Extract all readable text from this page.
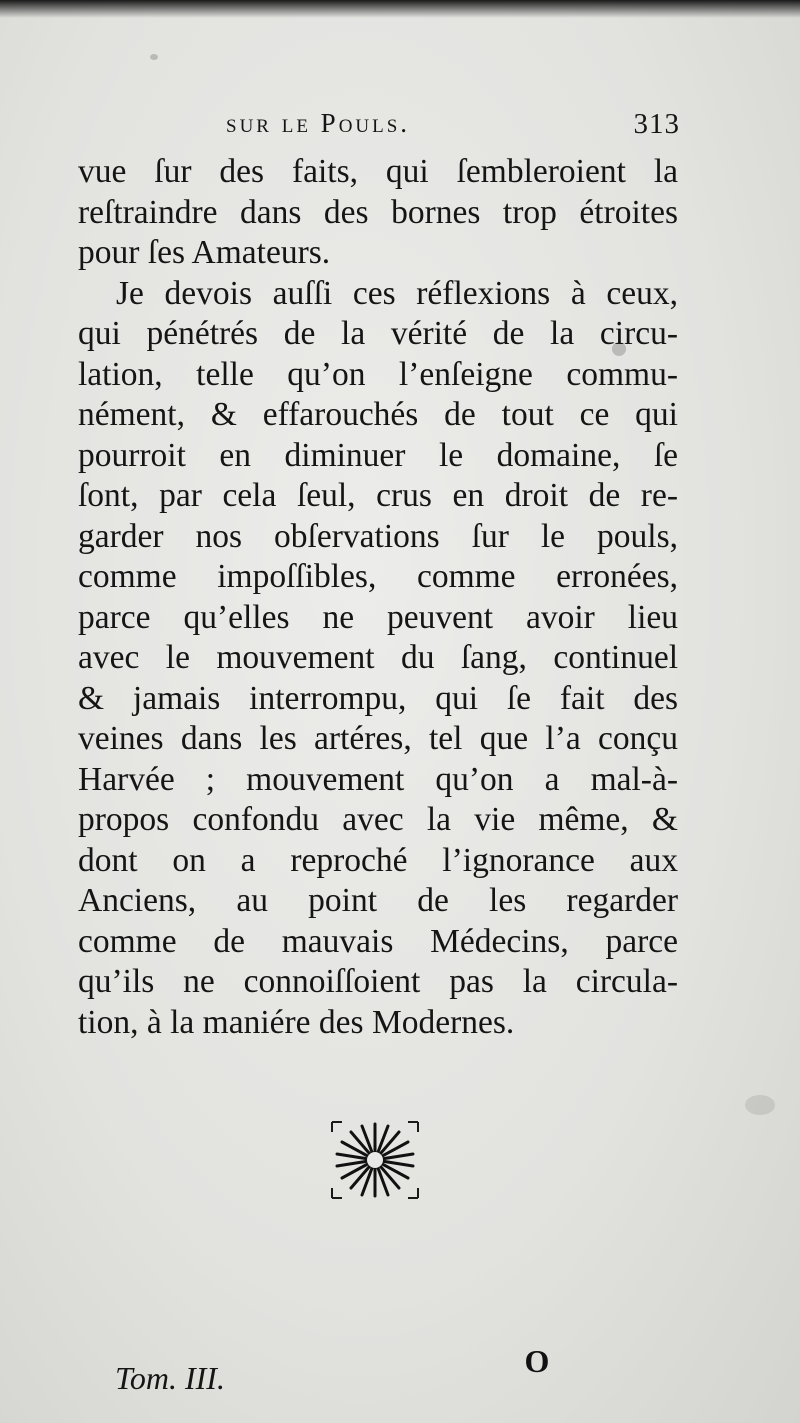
sur le Pouls.	313
vue ſur des faits, qui ſembleroient la
reſtraindre dans des bornes trop étroites
pour ſes Amateurs.
Je devois auſſi ces réflexions à ceux,
qui pénétrés de la vérité de la circu-
lation, telle qu’on l’enſeigne commu-
nément, & effarouchés de tout ce qui
pourroit en diminuer le domaine, ſe
ſont, par cela ſeul, crus en droit de re-
garder nos obſervations ſur le pouls,
comme impoſſibles, comme erronées,
parce qu’elles ne peuvent avoir lieu
avec le mouvement du ſang, continuel
& jamais interrompu, qui ſe fait des
veines dans les artéres, tel que l’a conçu
Harvée ; mouvement qu’on a mal-à-
propos confondu avec la vie même, &
dont on a reproché l’ignorance aux
Anciens, au point de les regarder
comme de mauvais Médecins, parce
qu’ils ne connoiſſoient pas la circula-
tion, à la maniére des Modernes.
Tom. III.	O
